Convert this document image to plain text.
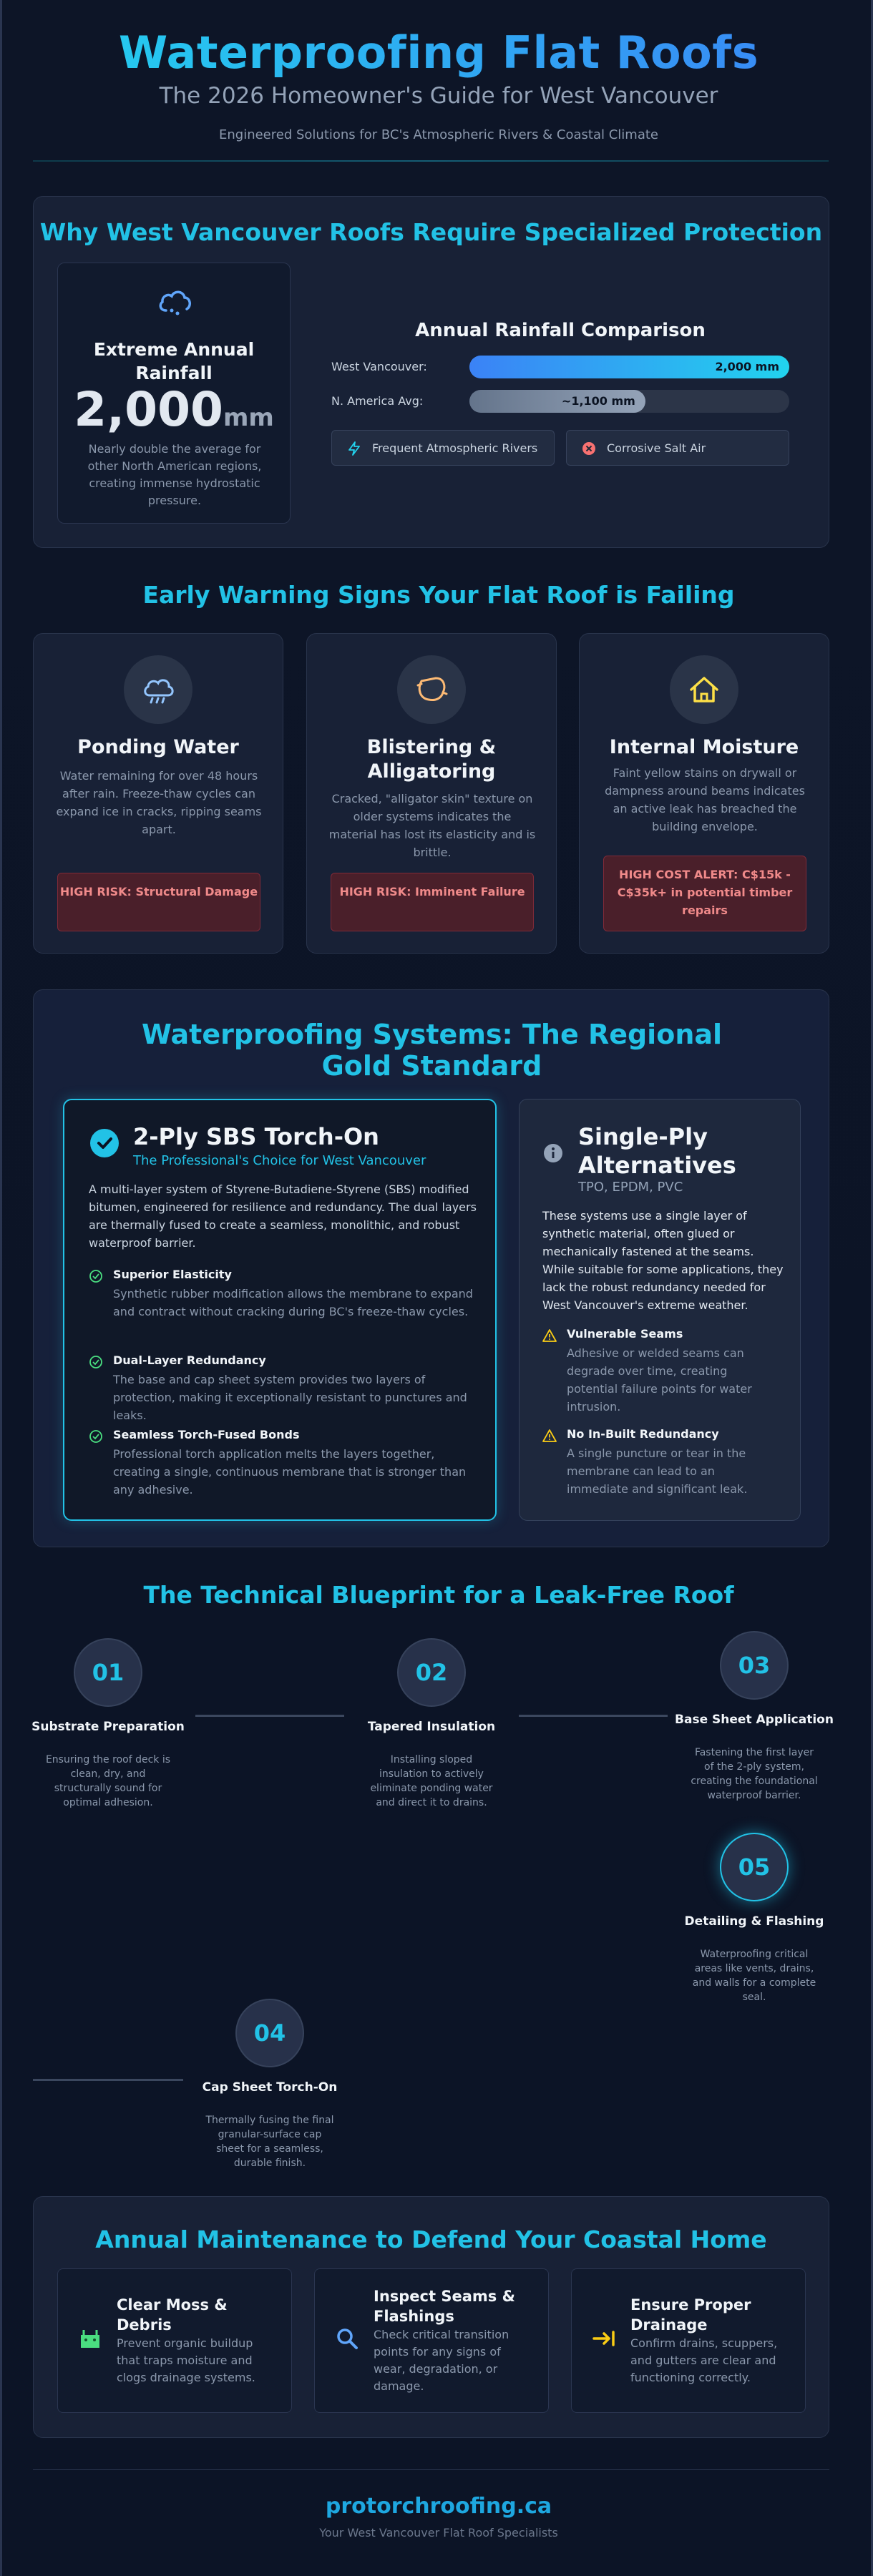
Waterproofing Flat Roofs
The 2026 Homeowner's Guide for West Vancouver
Engineered Solutions for BC's Atmospheric Rivers & Coastal Climate
Why West Vancouver Roofs Require Specialized Protection
Extreme Annual Rainfall
2,000mm
Nearly double the average for other North American regions, creating immense hydrostatic pressure.
Annual Rainfall Comparison
West Vancouver:	2,000 mm
N. America Avg:	~1,100 mm
Frequent Atmospheric Rivers	Corrosive Salt Air
Early Warning Signs Your Flat Roof is Failing
Ponding Water
Water remaining for over 48 hours after rain. Freeze-thaw cycles can expand ice in cracks, ripping seams apart.
HIGH RISK: Structural Damage
Blistering & Alligatoring
Cracked, "alligator skin" texture on older systems indicates the material has lost its elasticity and is brittle.
HIGH RISK: Imminent Failure
Internal Moisture
Faint yellow stains on drywall or dampness around beams indicates an active leak has breached the building envelope.
HIGH COST ALERT: C$15k - C$35k+ in potential timber repairs
Waterproofing Systems: The Regional Gold Standard
2-Ply SBS Torch-On
The Professional's Choice for West Vancouver
A multi-layer system of Styrene-Butadiene-Styrene (SBS) modified bitumen, engineered for resilience and redundancy. The dual layers are thermally fused to create a seamless, monolithic, and robust waterproof barrier.
Superior Elasticity
Synthetic rubber modification allows the membrane to expand and contract without cracking during BC's freeze-thaw cycles.
Dual-Layer Redundancy
The base and cap sheet system provides two layers of protection, making it exceptionally resistant to punctures and leaks.
Seamless Torch-Fused Bonds
Professional torch application melts the layers together, creating a single, continuous membrane that is stronger than any adhesive.
Single-Ply Alternatives
TPO, EPDM, PVC
These systems use a single layer of synthetic material, often glued or mechanically fastened at the seams. While suitable for some applications, they lack the robust redundancy needed for West Vancouver's extreme weather.
Vulnerable Seams
Adhesive or welded seams can degrade over time, creating potential failure points for water intrusion.
No In-Built Redundancy
A single puncture or tear in the membrane can lead to an immediate and significant leak.
The Technical Blueprint for a Leak-Free Roof
01
Substrate Preparation
Ensuring the roof deck is clean, dry, and structurally sound for optimal adhesion.
02
Tapered Insulation
Installing sloped insulation to actively eliminate ponding water and direct it to drains.
03
Base Sheet Application
Fastening the first layer of the 2-ply system, creating the foundational waterproof barrier.
05
Detailing & Flashing
Waterproofing critical areas like vents, drains, and walls for a complete seal.
04
Cap Sheet Torch-On
Thermally fusing the final granular-surface cap sheet for a seamless, durable finish.
Annual Maintenance to Defend Your Coastal Home
Clear Moss & Debris
Prevent organic buildup that traps moisture and clogs drainage systems.
Inspect Seams & Flashings
Check critical transition points for any signs of wear, degradation, or damage.
Ensure Proper Drainage
Confirm drains, scuppers, and gutters are clear and functioning correctly.
protorchroofing.ca
Your West Vancouver Flat Roof Specialists
